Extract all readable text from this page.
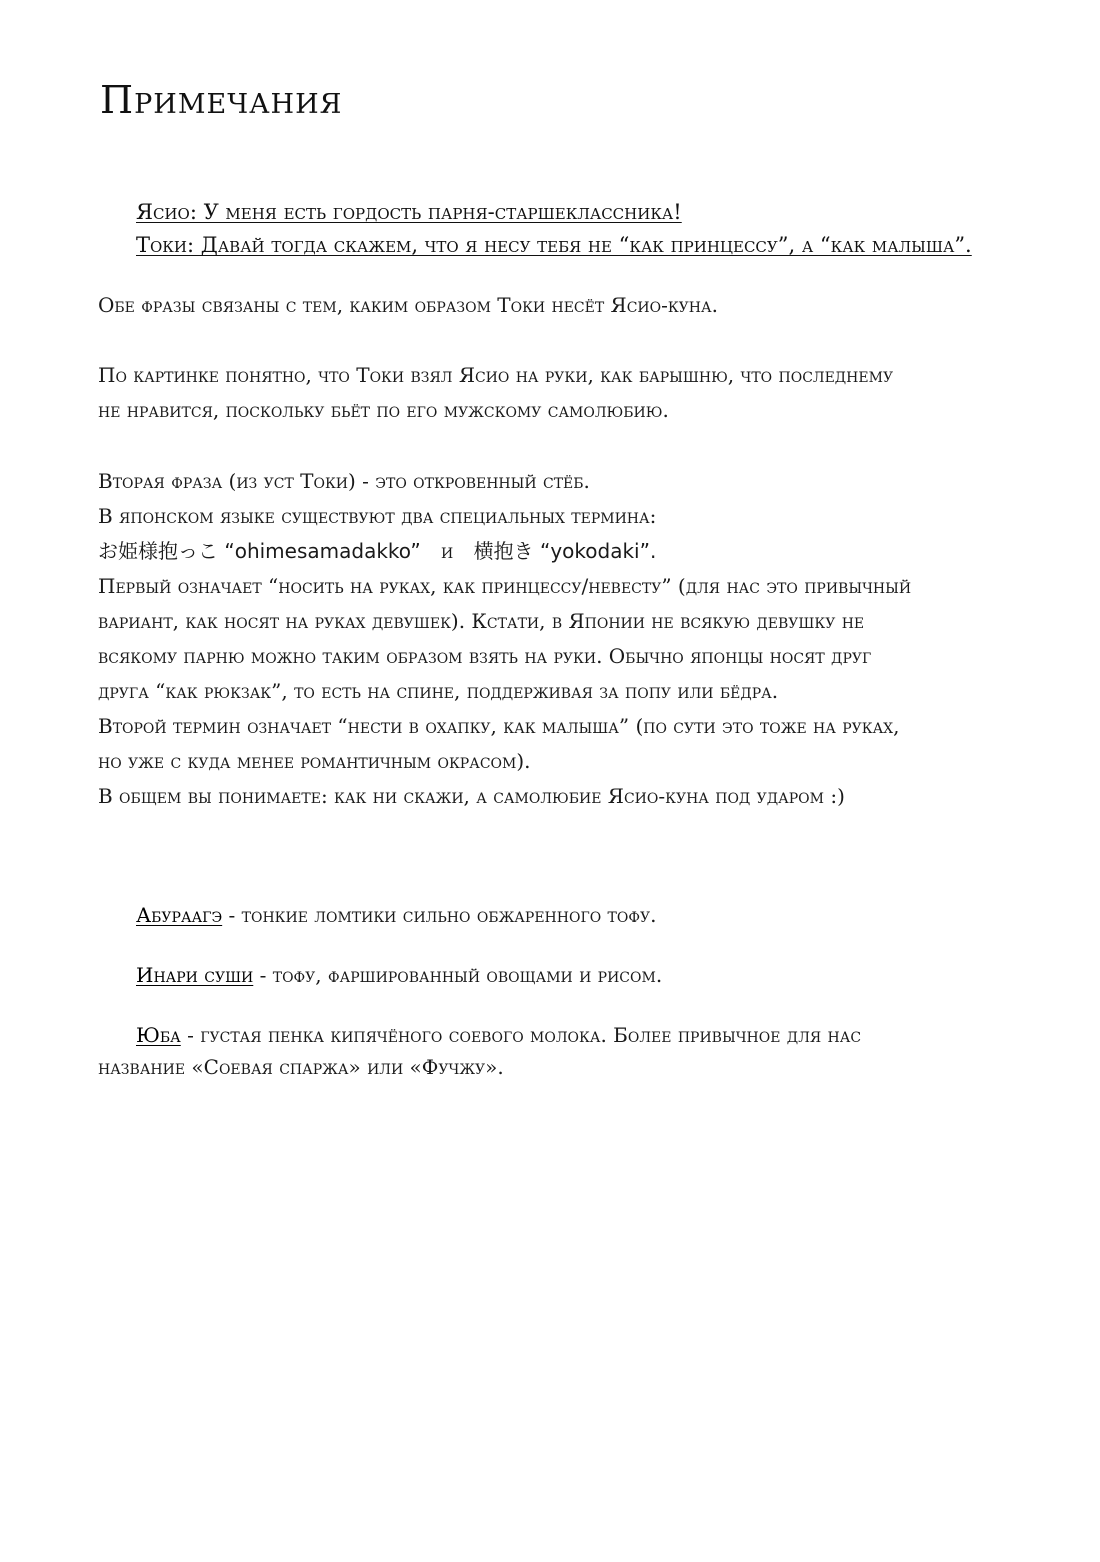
Примечания
Ясио: У меня есть гордость парня-старшеклассника!
Токи: Давай тогда скажем, что я несу тебя не “как принцессу”, а “как малыша”.
Обе фразы связаны с тем, каким образом Токи несёт Ясио-куна.
По картинке понятно, что Токи взял Ясио на руки, как барышню, что последнему
не нравится, поскольку бьёт по его мужскому самолюбию.
Вторая фраза (из уст Токи) - это откровенный стёб.
В японском языке существуют два специальных термина:
お姫様抱っこ “ohimesamadakko” и 横抱き “yokodaki”.
Первый означает “носить на руках, как принцессу/невесту” (для нас это привычный
вариант, как носят на руках девушек). Кстати, в Японии не всякую девушку не
всякому парню можно таким образом взять на руки. Обычно японцы носят друг
друга “как рюкзак”, то есть на спине, поддерживая за попу или бёдра.
Второй термин означает “нести в охапку, как малыша” (по сути это тоже на руках,
но уже с куда менее романтичным окрасом).
В общем вы понимаете: как ни скажи, а самолюбие Ясио-куна под ударом :)
Абураагэ - тонкие ломтики сильно обжаренного тофу.
Инари суши - тофу, фаршированный овощами и рисом.
Юба - густая пенка кипячёного соевого молока. Более привычное для нас
название «Соевая спаржа» или «Фучжу».
